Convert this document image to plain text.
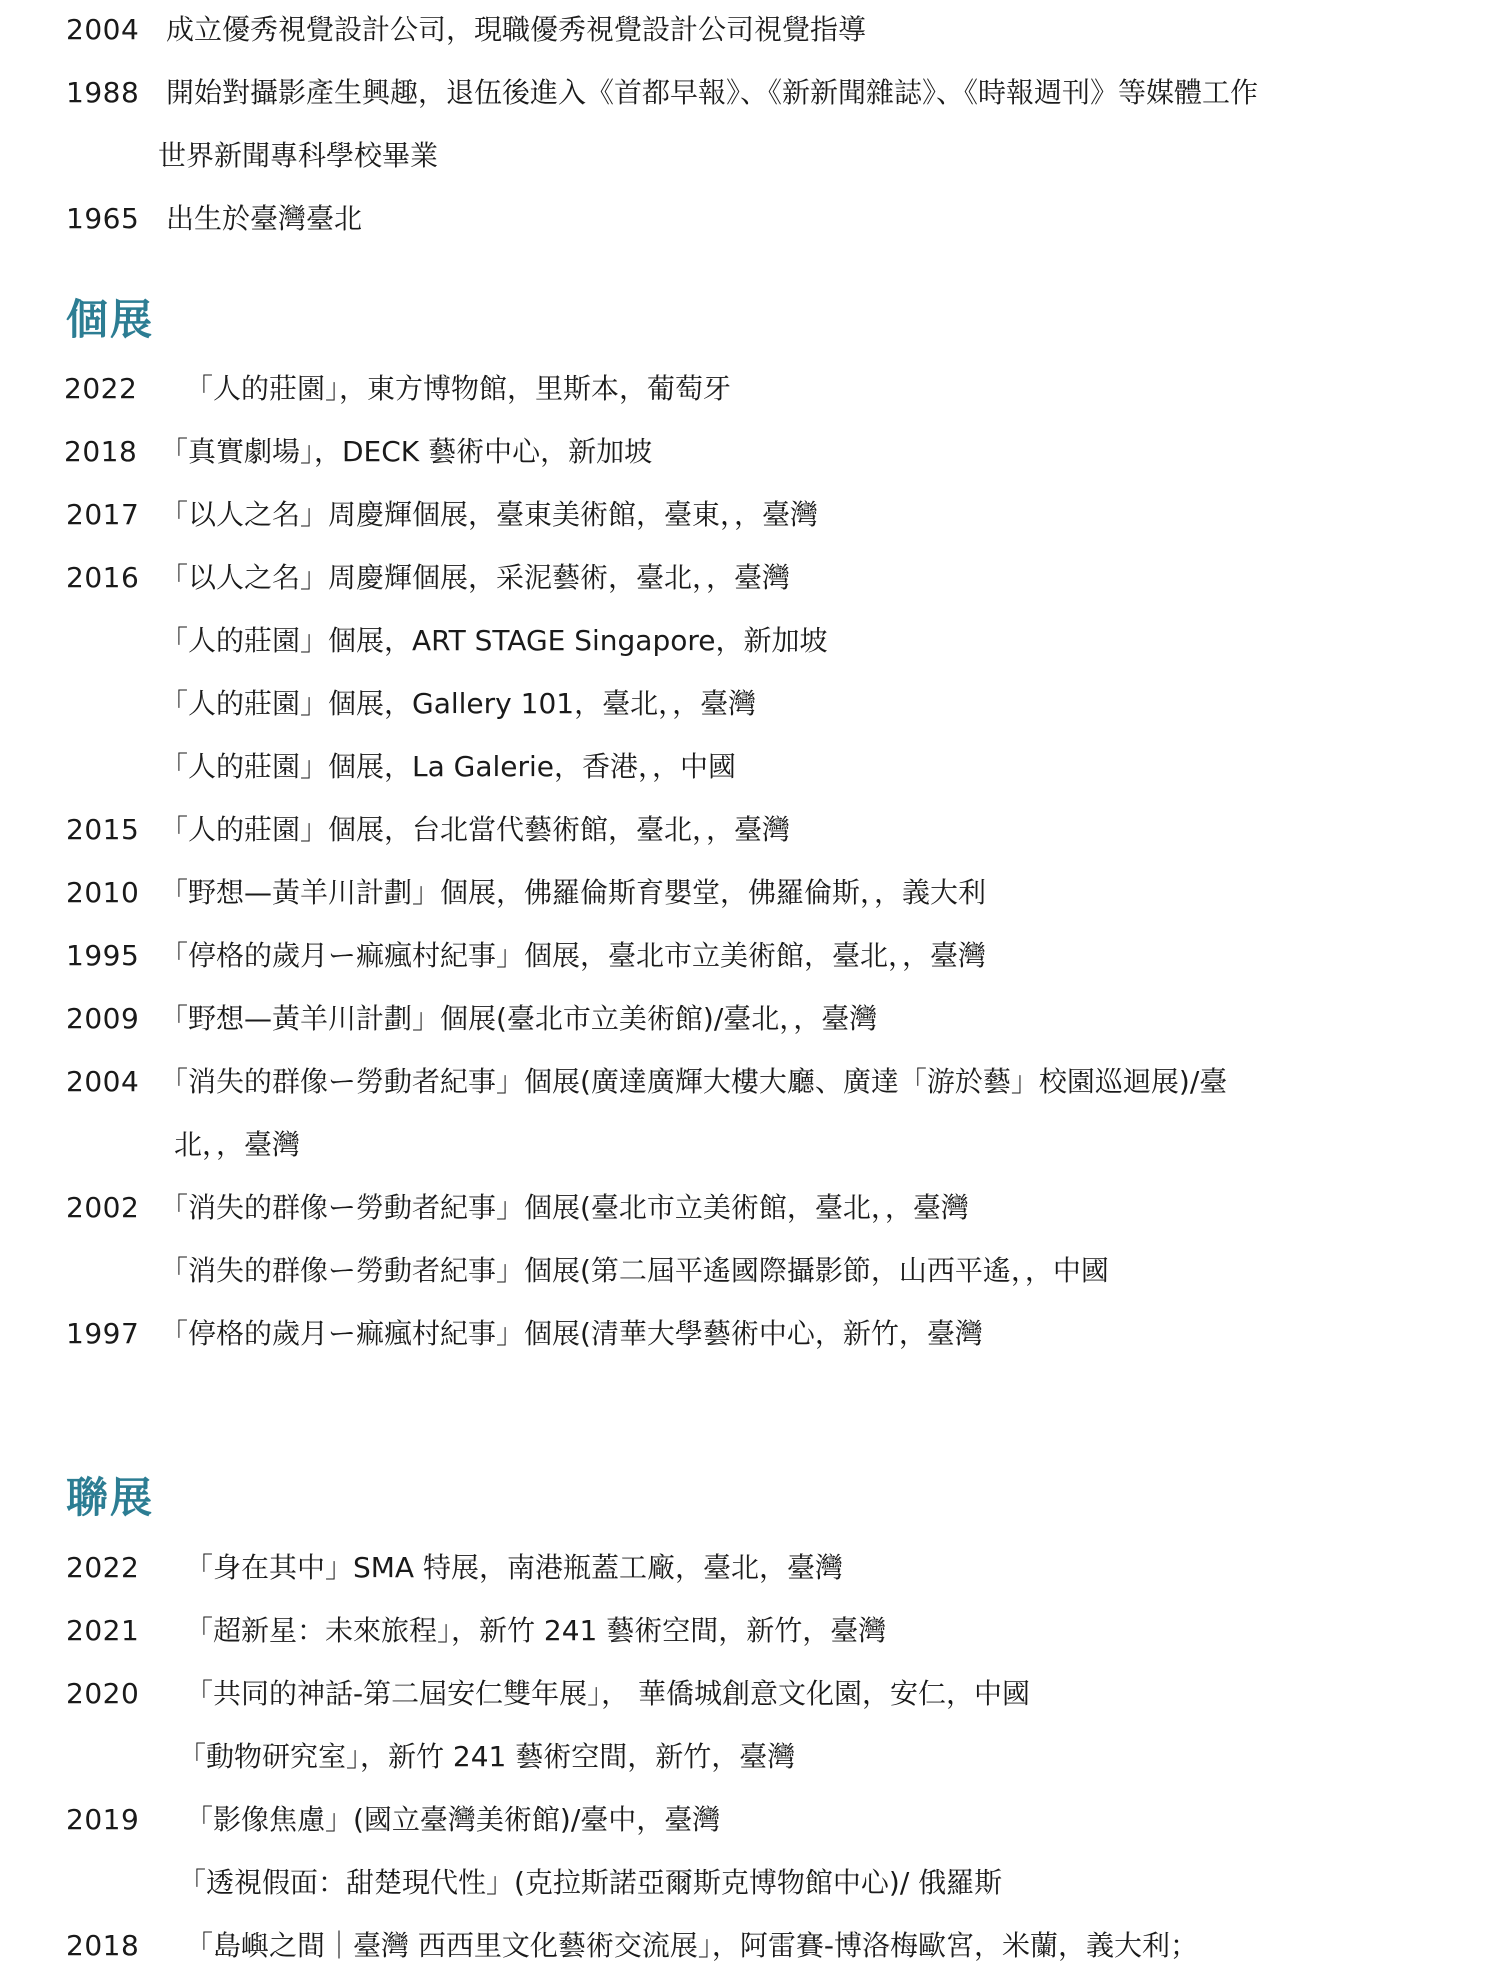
2004 成立優秀視覺設計公司，現職優秀視覺設計公司視覺指導
1988 開始對攝影產生興趣，退伍後進入《首都早報》、《新新聞雜誌》、《時報週刊》等媒體工作
世界新聞專科學校畢業
1965 出生於臺灣臺北
個展
2022	「人的莊園」，東方博物館，里斯本，葡萄牙
2018 「真實劇場」，DECK 藝術中心，新加坡
2017 「以人之名」周慶輝個展，臺東美術館，臺東，，臺灣
2016 「以人之名」周慶輝個展，采泥藝術，臺北，，臺灣
「人的莊園」個展，ART STAGE Singapore，新加坡
「人的莊園」個展，Gallery 101，臺北，，臺灣
「人的莊園」個展，La Galerie，香港，，中國
2015 「人的莊園」個展，台北當代藝術館，臺北，，臺灣
2010 「野想—黃羊川計劃」個展，佛羅倫斯育嬰堂，佛羅倫斯，，義大利
1995 「停格的歲月ー痲瘋村紀事」個展，臺北市立美術館，臺北，，臺灣
2009 「野想—黃羊川計劃」個展(臺北市立美術館)/臺北，，臺灣
2004 「消失的群像ー勞動者紀事」個展(廣達廣輝大樓大廳、廣達「游於藝」校園巡迴展)/臺
北，，臺灣
2002 「消失的群像ー勞動者紀事」個展(臺北市立美術館，臺北，，臺灣
「消失的群像ー勞動者紀事」個展(第二屆平遙國際攝影節，山西平遙，，中國
1997 「停格的歲月ー痲瘋村紀事」個展(清華大學藝術中心，新竹，臺灣
聯展
2022	「身在其中」SMA 特展，南港瓶蓋工廠，臺北，臺灣
2021	「超新星：未來旅程」，新竹 241 藝術空間，新竹，臺灣
2020	「共同的神話-第二屆安仁雙年展」， 華僑城創意文化園，安仁，中國
「動物研究室」，新竹 241 藝術空間，新竹，臺灣
2019	「影像焦慮」(國立臺灣美術館)/臺中，臺灣
「透視假面：甜楚現代性」(克拉斯諾亞爾斯克博物館中心)/ 俄羅斯
2018	「島嶼之間｜臺灣 西西里文化藝術交流展」，阿雷賽-博洛梅歐宮，米蘭，義大利；
